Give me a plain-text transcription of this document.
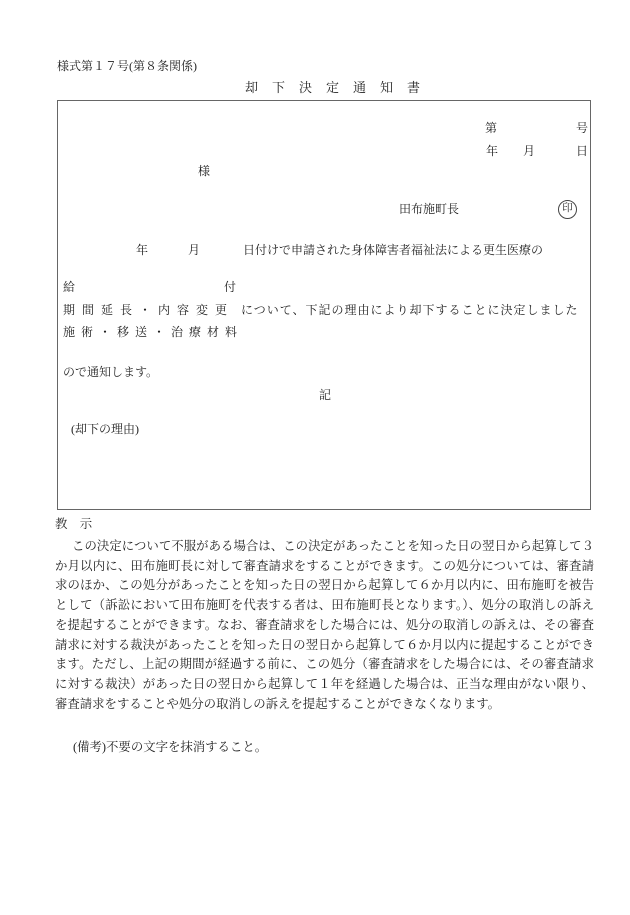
様式第１７号(第８条関係)
却下決定通知書
第	号
年 月	日
様
田布施町長	印
年	月	日付けで申請された身体障害者福祉法による更生医療の
給	付
期間延長・内容変更 について、下記の理由により却下することに決定しました
施術・移送・治療材料
ので通知します。
記
(却下の理由)
教　示
この決定について不服がある場合は、この決定があったことを知った日の翌日から起算して３か月以内に、田布施町長に対して審査請求をすることができます。この処分については、審査請求のほか、この処分があったことを知った日の翌日から起算して６か月以内に、田布施町を被告として（訴訟において田布施町を代表する者は、田布施町長となります。）、処分の取消しの訴えを提起することができます。なお、審査請求をした場合には、処分の取消しの訴えは、その審査請求に対する裁決があったことを知った日の翌日から起算して６か月以内に提起することができます。ただし、上記の期間が経過する前に、この処分（審査請求をした場合には、その審査請求に対する裁決）があった日の翌日から起算して１年を経過した場合は、正当な理由がない限り、審査請求をすることや処分の取消しの訴えを提起することができなくなります。
(備考)不要の文字を抹消すること。
